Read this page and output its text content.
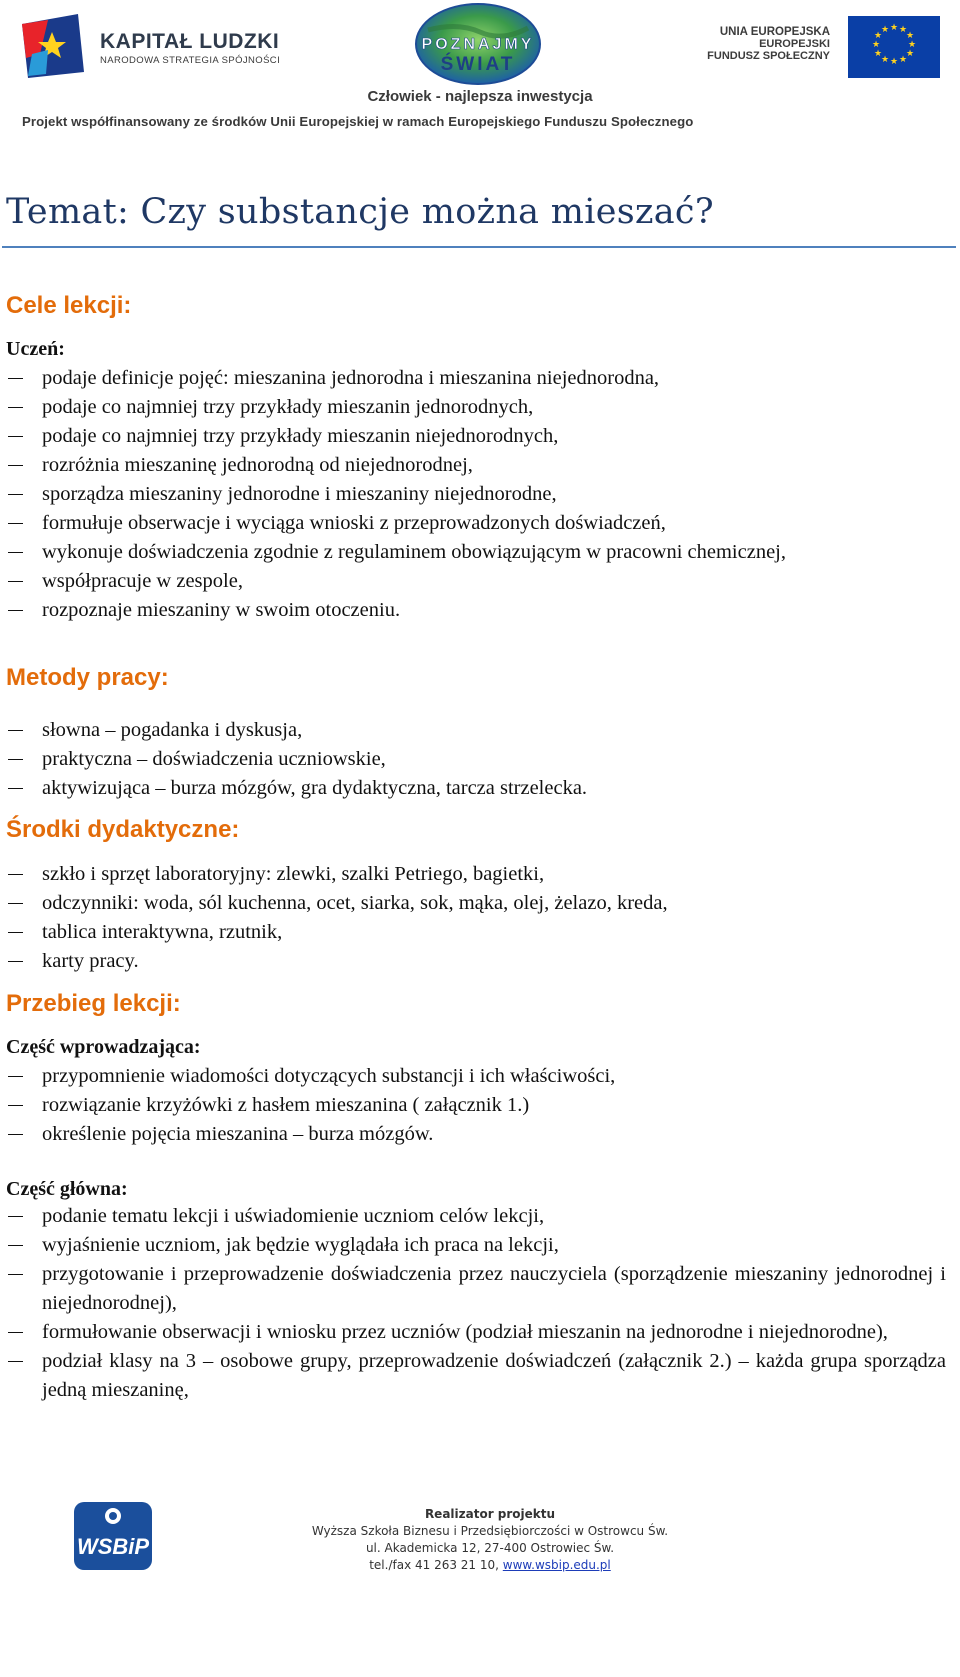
KAPITAŁ LUDZKI
NARODOWA STRATEGIA SPÓJNOŚCI
POZNAJMY
ŚWIAT
UNIA EUROPEJSKA
EUROPEJSKI
FUNDUSZ SPOŁECZNY
★ ★
★
★
★
★
★
★
★
★
★
★
Człowiek - najlepsza inwestycja
Projekt współfinansowany ze środków Unii Europejskiej w ramach Europejskiego Funduszu Społecznego
Temat: Czy substancje można mieszać?
Cele lekcji:
Uczeń:
podaje definicje pojęć: mieszanina jednorodna i mieszanina niejednorodna,
podaje co najmniej trzy przykłady mieszanin jednorodnych,
podaje co najmniej trzy przykłady mieszanin niejednorodnych,
rozróżnia mieszaninę jednorodną od niejednorodnej,
sporządza mieszaniny jednorodne i mieszaniny niejednorodne,
formułuje obserwacje i wyciąga wnioski z przeprowadzonych doświadczeń,
wykonuje doświadczenia zgodnie z regulaminem obowiązującym w pracowni chemicznej,
współpracuje w zespole,
rozpoznaje mieszaniny w swoim otoczeniu.
Metody pracy:
słowna – pogadanka i dyskusja,
praktyczna – doświadczenia uczniowskie,
aktywizująca – burza mózgów, gra dydaktyczna, tarcza strzelecka.
Środki dydaktyczne:
szkło i sprzęt laboratoryjny: zlewki, szalki Petriego, bagietki,
odczynniki: woda, sól kuchenna, ocet, siarka, sok, mąka, olej, żelazo, kreda,
tablica interaktywna, rzutnik,
karty pracy.
Przebieg lekcji:
Część wprowadzająca:
przypomnienie wiadomości dotyczących substancji i ich właściwości,
rozwiązanie krzyżówki z hasłem mieszanina ( załącznik 1.)
określenie pojęcia mieszanina – burza mózgów.
Część główna:
podanie tematu lekcji i uświadomienie uczniom celów lekcji,
wyjaśnienie uczniom, jak będzie wyglądała ich praca na lekcji,
przygotowanie i przeprowadzenie doświadczenia przez nauczyciela (sporządzenie mieszaniny jednorodnej i niejednorodnej),
formułowanie obserwacji i wniosku przez uczniów (podział mieszanin na jednorodne i niejednorodne),
podział klasy na 3 – osobowe grupy, przeprowadzenie doświadczeń (załącznik 2.) – każda grupa sporządza jedną mieszaninę,
WSBiP
Realizator projektu
Wyższa Szkoła Biznesu i Przedsiębiorczości w Ostrowcu Św.
ul. Akademicka 12, 27-400 Ostrowiec Św.
tel./fax 41 263 21 10, www.wsbip.edu.pl
